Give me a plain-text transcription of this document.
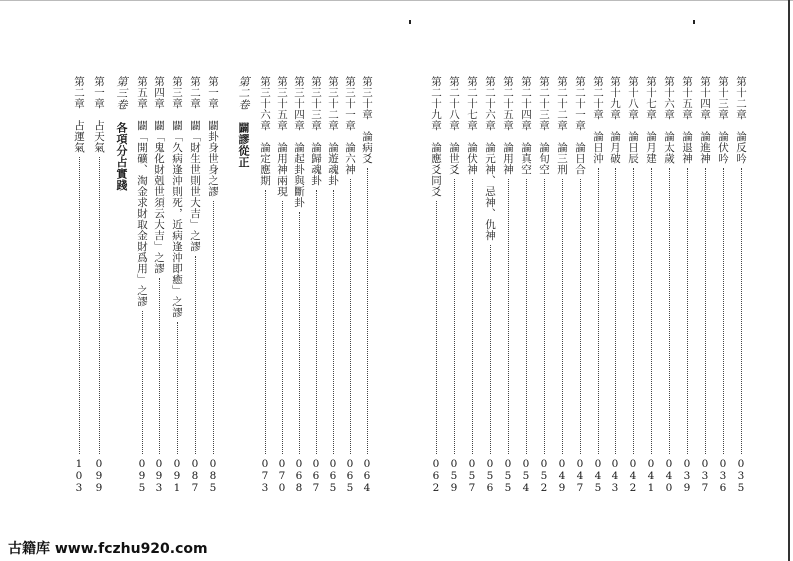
第十二章　論反吟
035
第十三章　論伏吟
036
第十四章　論進神
037
第十五章　論退神
039
第十六章　論太歲
040
第十七章　論月建
041
第十八章　論日辰
042
第十九章　論月破
043
第二十章　論日沖
045
第二十一章　論日合
047
第二十二章　論三刑
049
第二十三章　論旬空
052
第二十四章　論真空
054
第二十五章　論用神
055
第二十六章　論元神、忌神、仇神
056
第二十七章　論伏神
057
第二十八章　論世爻
059
第二十九章　論應爻同爻
062
第三十章　論病爻
064
第三十一章　論六神
065
第三十二章　論遊魂卦
065
第三十三章　論歸魂卦
067
第三十四章　論起卦與斷卦
068
第三十五章　論用神兩現
070
第三十六章　論定應期
073
第二卷　闢謬從正
第一章　闢卦身世身之謬
085
第二章　闢「財生世則世大吉」之謬
087
第三章　闢「久病逢沖則死，近病逢沖即癒」之謬
091
第四章　闢「鬼化財剋世須云大吉」之謬
093
第五章　闢「開礦、淘金求財取金財爲用」之謬
095
第三卷　各項分占實踐
第一章　占天氣
099
第二章　占運氣
103
古籍库 www.fczhu920.com
